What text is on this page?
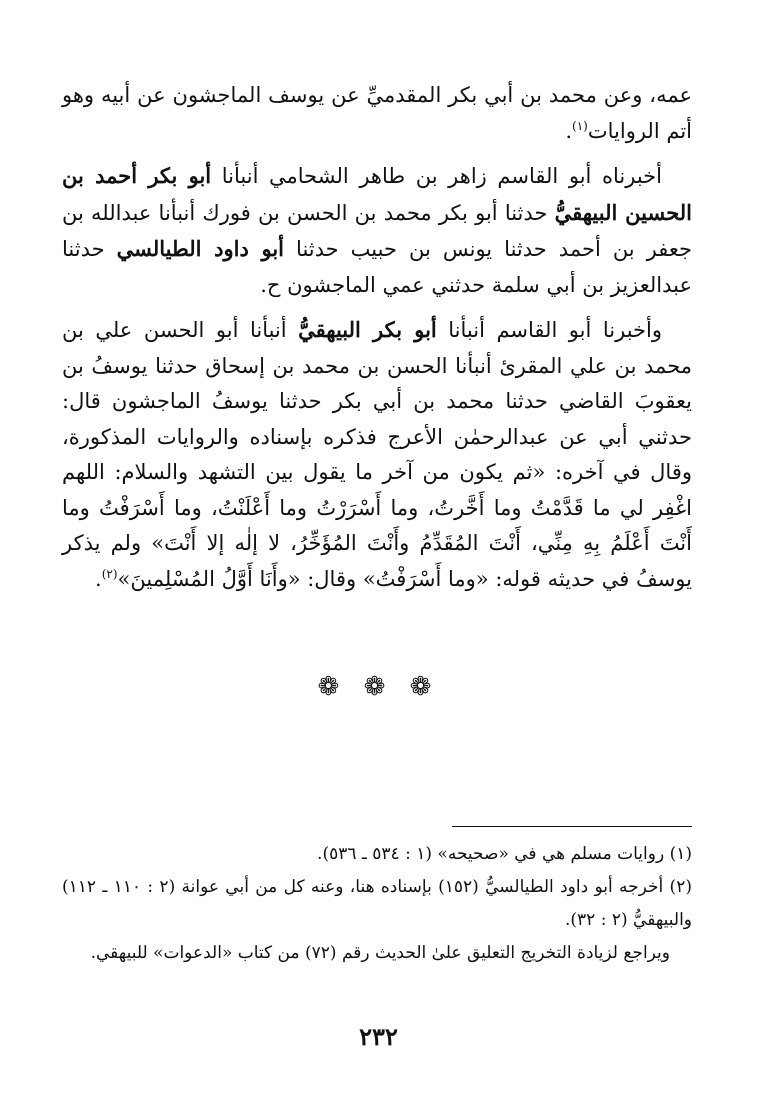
عمه، وعن محمد بن أبي بكر المقدميِّ عن يوسف الماجشون عن أبيه وهو أتم الروايات$^{(١)}$.

أخبرناه أبو القاسم زاهر بن طاهر الشحامي أنبأنا أبو بكر أحمد بن الحسين البيهقيُّ حدثنا أبو بكر محمد بن الحسن بن فورك أنبأنا عبدالله بن جعفر بن أحمد حدثنا يونس بن حبيب حدثنا أبو داود الطيالسي حدثنا عبدالعزيز بن أبي سلمة حدثني عمي الماجشون ح.

وأخبرنا أبو القاسم أنبأنا أبو بكر البيهقيُّ أنبأنا أبو الحسن علي بن محمد بن علي المقرئ أنبأنا الحسن بن محمد بن إسحاق حدثنا يوسفُ بن يعقوبَ القاضي حدثنا محمد بن أبي بكر حدثنا يوسفُ الماجشون قال: حدثني أبي عن عبدالرحمٰن الأعرج فذكره بإسناده والروايات المذكورة، وقال في آخره: «ثم يكون من آخر ما يقول بين التشهد والسلام: اللهم اغْفِر لي ما قَدَّمْتُ وما أَخَّرتُ، وما أَسْرَرْتُ وما أَعْلَنْتُ، وما أَسْرَفْتُ وما أَنْتَ أَعْلَمُ بِهِ مِنِّي، أَنْتَ المُقَدِّمُ وأَنْتَ المُؤَخِّرُ، لا إلٰه إلا أَنْتَ» ولم يذكر يوسفُ في حديثه قوله: «وما أَسْرَفْتُ» وقال: «وأَنَا أَوَّلُ المُسْلِمينَ»$^{(٢)}$.

❁ ❁ ❁

(١) روايات مسلم هي في «صحيحه» (١ : ٥٣٤ ـ ٥٣٦).

(٢) أخرجه أبو داود الطيالسيُّ (١٥٢) بإسناده هنا، وعنه كل من أبي عوانة (٢ : ١١٠ ـ ١١٢) والبيهقيُّ (٢ : ٣٢).

ويراجع لزيادة التخريج التعليق علىٰ الحديث رقم (٧٢) من كتاب «الدعوات» للبيهقي.

٢٣٢
